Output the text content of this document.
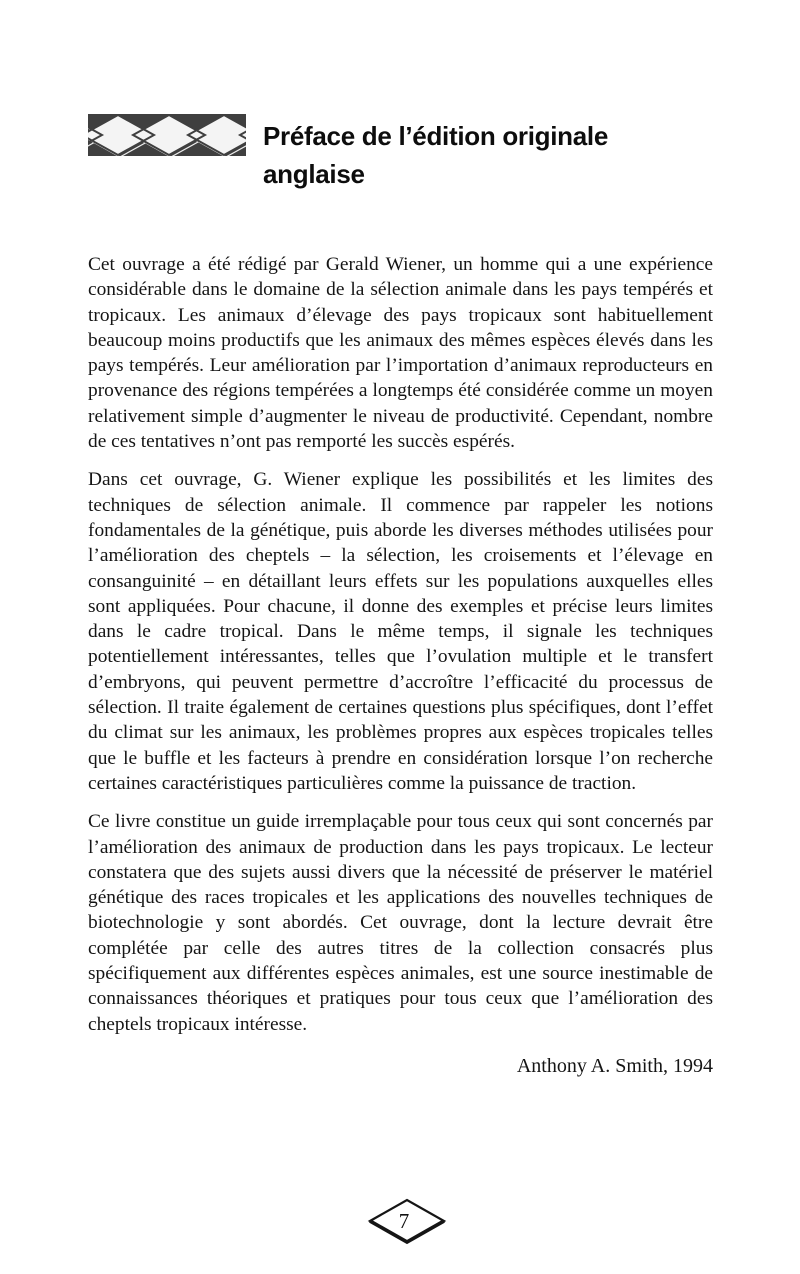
Préface de l’édition originale anglaise

Cet ouvrage a été rédigé par Gerald Wiener, un homme qui a une expérience considérable dans le domaine de la sélection animale dans les pays tempérés et tropicaux. Les animaux d’élevage des pays tropicaux sont habituellement beaucoup moins productifs que les animaux des mêmes espèces élevés dans les pays tempérés. Leur amélioration par l’importation d’animaux reproducteurs en provenance des régions tempérées a longtemps été considérée comme un moyen relativement simple d’augmenter le niveau de productivité. Cependant, nombre de ces tentatives n’ont pas remporté les succès espérés.

Dans cet ouvrage, G. Wiener explique les possibilités et les limites des techniques de sélection animale. Il commence par rappeler les notions fondamentales de la génétique, puis aborde les diverses méthodes utilisées pour l’amélioration des cheptels – la sélection, les croisements et l’élevage en consanguinité – en détaillant leurs effets sur les populations auxquelles elles sont appliquées. Pour chacune, il donne des exemples et précise leurs limites dans le cadre tropical. Dans le même temps, il signale les techniques potentiellement intéressantes, telles que l’ovulation multiple et le transfert d’embryons, qui peuvent permettre d’accroître l’efficacité du processus de sélection. Il traite également de certaines questions plus spécifiques, dont l’effet du climat sur les animaux, les problèmes propres aux espèces tropicales telles que le buffle et les facteurs à prendre en considération lorsque l’on recherche certaines caractéristiques particulières comme la puissance de traction.

Ce livre constitue un guide irremplaçable pour tous ceux qui sont concernés par l’amélioration des animaux de production dans les pays tropicaux. Le lecteur constatera que des sujets aussi divers que la nécessité de préserver le matériel génétique des races tropicales et les applications des nouvelles techniques de biotechnologie y sont abordés. Cet ouvrage, dont la lecture devrait être complétée par celle des autres titres de la collection consacrés plus spécifiquement aux différentes espèces animales, est une source inestimable de connaissances théoriques et pratiques pour tous ceux que l’amélioration des cheptels tropicaux intéresse.

Anthony A. Smith, 1994
7
